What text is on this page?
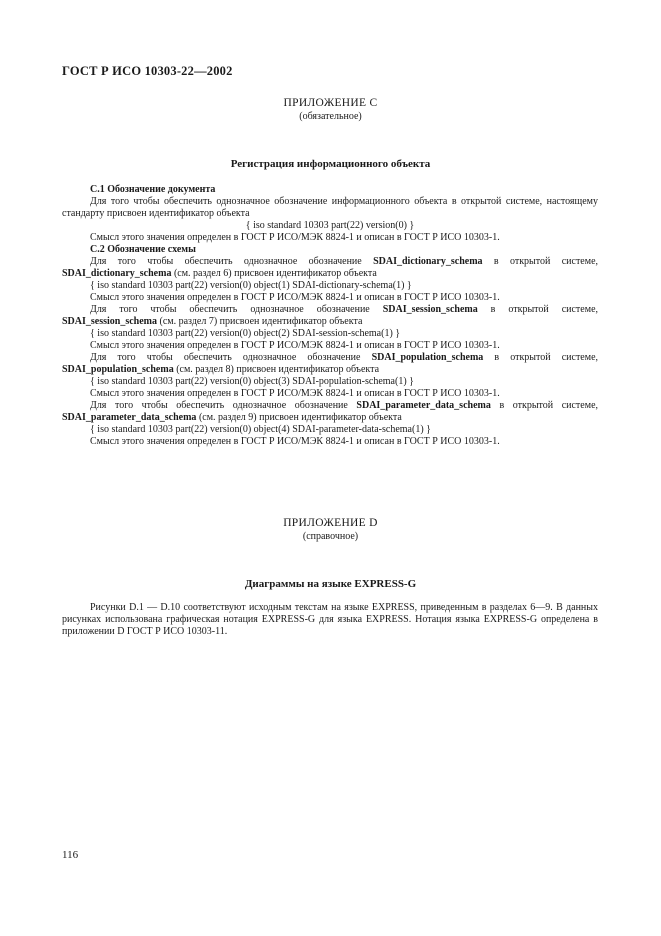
ГОСТ Р ИСО 10303-22—2002
ПРИЛОЖЕНИЕ С
(обязательное)
Регистрация информационного объекта

С.1 Обозначение документа

Для того чтобы обеспечить однозначное обозначение информационного объекта в открытой системе, настоящему стандарту присвоен идентификатор объекта

{ iso standard 10303 part(22) version(0) }

Смысл этого значения определен в ГОСТ Р ИСО/МЭК 8824-1 и описан в ГОСТ Р ИСО 10303-1.

С.2 Обозначение схемы

Для того чтобы обеспечить однозначное обозначение SDAI_dictionary_schema в открытой системе,

SDAI_dictionary_schema (см. раздел 6) присвоен идентификатор объекта

{ iso standard 10303 part(22) version(0) object(1) SDAI-dictionary-schema(1) }

Смысл этого значения определен в ГОСТ Р ИСО/МЭК 8824-1 и описан в ГОСТ Р ИСО 10303-1.

Для того чтобы обеспечить однозначное обозначение SDAI_session_schema в открытой системе,

SDAI_session_schema (см. раздел 7) присвоен идентификатор объекта

{ iso standard 10303 part(22) version(0) object(2) SDAI-session-schema(1) }

Смысл этого значения определен в ГОСТ Р ИСО/МЭК 8824-1 и описан в ГОСТ Р ИСО 10303-1.

Для того чтобы обеспечить однозначное обозначение SDAI_population_schema в открытой системе,

SDAI_population_schema (см. раздел 8) присвоен идентификатор объекта

{ iso standard 10303 part(22) version(0) object(3) SDAI-population-schema(1) }

Смысл этого значения определен в ГОСТ Р ИСО/МЭК 8824-1 и описан в ГОСТ Р ИСО 10303-1.

Для того чтобы обеспечить однозначное обозначение SDAI_parameter_data_schema в открытой системе,

SDAI_parameter_data_schema (см. раздел 9) присвоен идентификатор объекта

{ iso standard 10303 part(22) version(0) object(4) SDAI-parameter-data-schema(1) }

Смысл этого значения определен в ГОСТ Р ИСО/МЭК 8824-1 и описан в ГОСТ Р ИСО 10303-1.

ПРИЛОЖЕНИЕ D
(справочное)
Диаграммы на языке EXPRESS-G

Рисунки D.1 — D.10 соответствуют исходным текстам на языке EXPRESS, приведенным в разделах 6—9. В данных рисунках использована графическая нотация EXPRESS-G для языка EXPRESS. Нотация языка EXPRESS-G определена в приложении D ГОСТ Р ИСО 10303-11.

116
